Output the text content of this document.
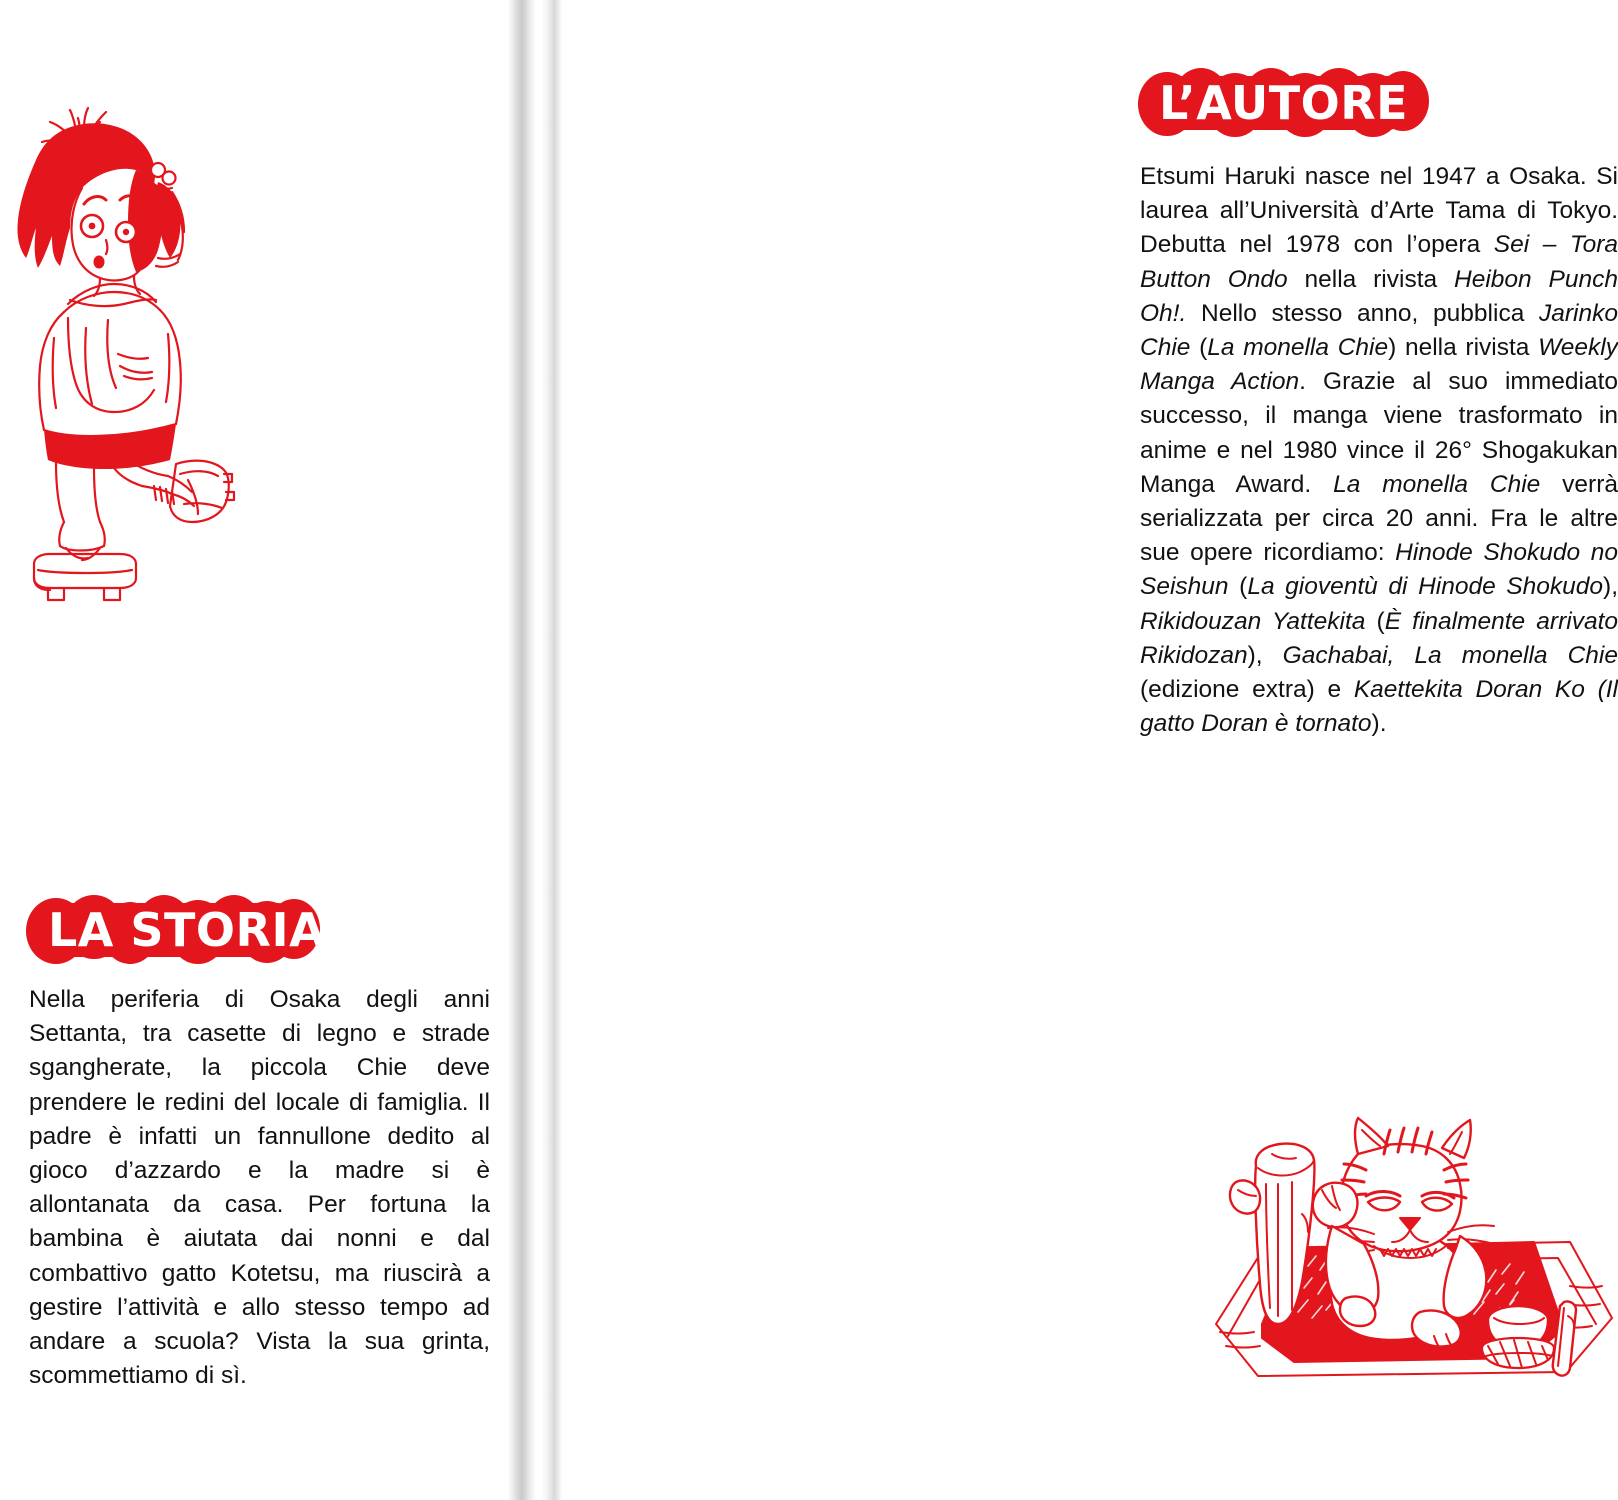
LA STORIA

Nella periferia di Osaka degli anni Settanta, tra casette di legno e strade sgangherate, la piccola Chie deve prendere le redini del locale di famiglia. Il padre è infatti un fannullone dedito al gioco d’azzardo e la madre si è allontanata da casa. Per fortuna la bambina è aiutata dai nonni e dal combattivo gatto Kotetsu, ma riuscirà a gestire l’attività e allo stesso tempo ad andare a scuola? Vista la sua grinta, scommettiamo di sì.

L’AUTORE

Etsumi Haruki nasce nel 1947 a Osaka. Si laurea all’Università d’Arte Tama di Tokyo. Debutta nel 1978 con l’opera Sei – Tora Button Ondo nella rivista Heibon Punch Oh!. Nello stesso anno, pubblica Jarinko Chie (La monella Chie) nella rivista Weekly Manga Action. Grazie al suo immediato successo, il manga viene trasformato in anime e nel 1980 vince il 26° Shogakukan Manga Award. La monella Chie verrà serializzata per circa 20 anni. Fra le altre sue opere ricordiamo: Hinode Shokudo no Seishun (La gioventù di Hinode Shokudo), Rikidouzan Yattekita (È finalmente arrivato Rikidozan), Gachabai, La monella Chie (edizione extra) e Kaettekita Doran Ko (Il gatto Doran è tornato).
